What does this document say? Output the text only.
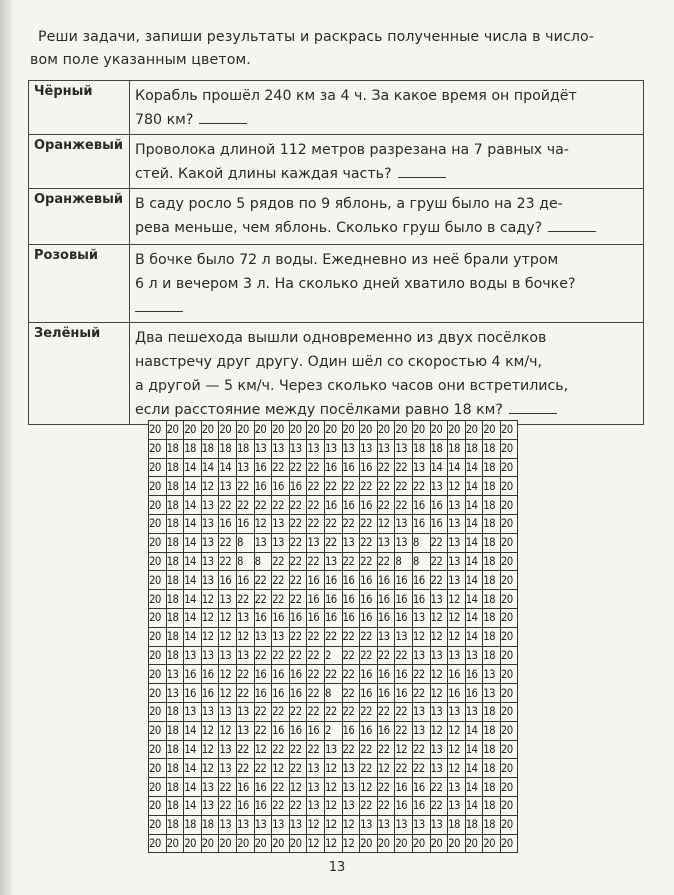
Реши задачи, запиши результаты и раскрась полученные числа в число-
вом поле указанным цветом.
Чёрный	Корабль прошёл 240 км за 4 ч. За какое время он пройдёт
780 км?

Оранжевый	Проволока длиной 112 метров разрезана на 7 равных ча-
стей. Какой длины каждая часть?

Оранжевый	В саду росло 5 рядов по 9 яблонь, а груш было на 23 де-
рева меньше, чем яблонь. Сколько груш было в саду?

Розовый	В бочке было 72 л воды. Ежедневно из неё брали утром
6 л и вечером 3 л. На сколько дней хватило воды в бочке?

Зелёный	Два пешехода вышли одновременно из двух посёлков
навстречу друг другу. Один шёл со скоростью 4 км/ч,
а другой — 5 км/ч. Через сколько часов они встретились,
если расстояние между посёлками равно 18 км?
20	20	20	20	20	20	20	20	20	20	20	20	20	20	20	20	20	20	20	20	20
20	18	18	18	18	18	13	13	13	13	13	13	13	13	13	18	18	18	18	18	20
20	18	14	14	14	13	16	22	22	22	16	16	16	22	22	13	14	14	14	18	20
20	18	14	12	13	22	16	16	16	22	22	22	22	22	22	22	13	12	14	18	20
20	18	14	13	22	22	22	22	22	22	16	16	16	22	22	16	16	13	14	18	20
20	18	14	13	16	16	12	13	22	22	22	22	22	12	13	16	16	13	14	18	20
20	18	14	13	22	8	13	13	22	13	22	13	22	13	13	8	22	13	14	18	20
20	18	14	13	22	8	8	22	22	22	13	22	22	22	8	8	22	13	14	18	20
20	18	14	13	16	16	22	22	22	16	16	16	16	16	16	16	22	13	14	18	20
20	18	14	12	13	22	22	22	22	16	16	16	16	16	16	16	13	12	14	18	20
20	18	14	12	12	13	16	16	16	16	16	16	16	16	16	13	12	12	14	18	20
20	18	14	12	12	12	13	13	22	22	22	22	22	13	13	12	12	12	14	18	20
20	18	13	13	13	13	22	22	22	22	2	22	22	22	22	13	13	13	13	18	20
20	13	16	16	12	22	16	16	16	22	22	22	16	16	16	22	12	16	16	13	20
20	13	16	16	12	22	16	16	16	22	8	22	16	16	16	22	12	16	16	13	20
20	18	13	13	13	13	22	22	22	22	22	22	22	22	22	13	13	13	13	18	20
20	18	14	12	12	13	22	16	16	16	2	16	16	16	22	13	12	12	14	18	20
20	18	14	12	13	22	12	22	22	22	13	22	22	22	12	22	13	12	14	18	20
20	18	14	12	13	22	22	12	22	13	12	13	22	12	22	22	13	12	14	18	20
20	18	14	13	22	16	16	22	12	13	12	13	12	22	16	16	22	13	14	18	20
20	18	14	13	22	16	16	22	22	13	12	13	22	22	16	16	22	13	14	18	20
20	18	18	18	13	13	13	13	13	12	12	12	13	13	13	13	13	18	18	18	20
20	20	20	20	20	20	20	20	20	12	12	12	20	20	20	20	20	20	20	20	20
13
